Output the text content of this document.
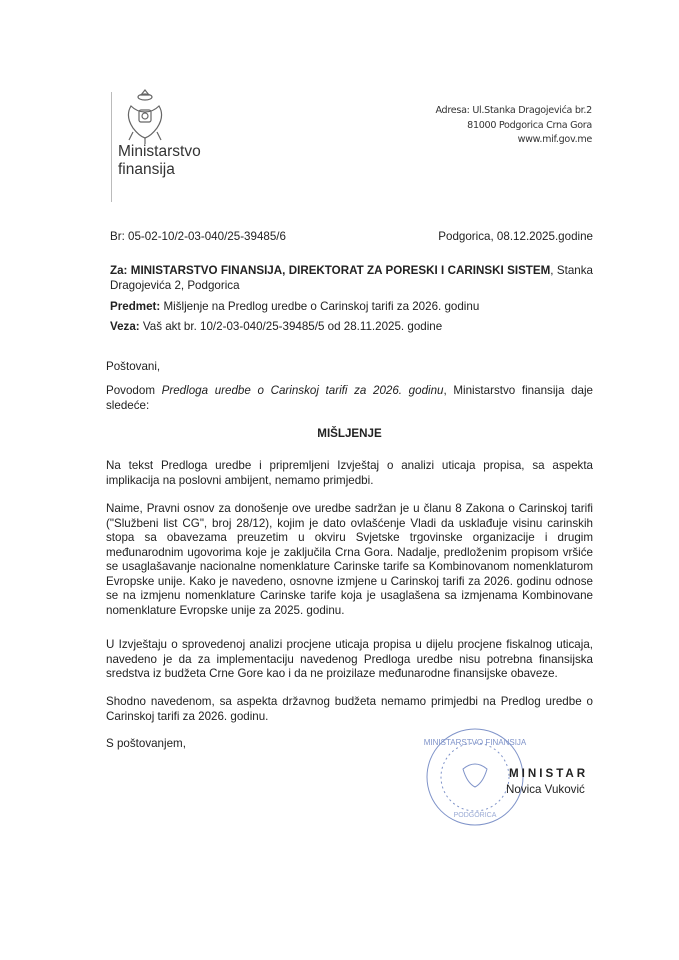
Ministarstvo
finansija
Adresa: Ul.Stanka Dragojevića br.2
81000 Podgorica Crna Gora
www.mif.gov.me
Br: 05-02-10/2-03-040/25-39485/6	Podgorica, 08.12.2025.godine
Za: MINISTARSTVO FINANSIJA, DIREKTORAT ZA PORESKI I CARINSKI SISTEM, Stanka Dragojevića 2, Podgorica
Predmet: Mišljenje na Predlog uredbe o Carinskoj tarifi za 2026. godinu
Veza: Vaš akt br. 10/2-03-040/25-39485/5 od 28.11.2025. godine
Poštovani,
Povodom Predloga uredbe o Carinskoj tarifi za 2026. godinu, Ministarstvo finansija daje sledeće:
MIŠLJENJE
Na tekst Predloga uredbe i pripremljeni Izvještaj o analizi uticaja propisa, sa aspekta implikacija na poslovni ambijent, nemamo primjedbi.
Naime, Pravni osnov za donošenje ove uredbe sadržan je u članu 8 Zakona o Carinskoj tarifi ("Službeni list CG", broj 28/12), kojim je dato ovlašćenje Vladi da usklađuje visinu carinskih stopa sa obavezama preuzetim u okviru Svjetske trgovinske organizacije i drugim međunarodnim ugovorima koje je zaključila Crna Gora. Nadalje, predloženim propisom vršiće se usaglašavanje nacionalne nomenklature Carinske tarife sa Kombinovanom nomenklaturom Evropske unije. Kako je navedeno, osnovne izmjene u Carinskoj tarifi za 2026. godinu odnose se na izmjenu nomenklature Carinske tarife koja je usaglašena sa izmjenama Kombinovane nomenklature Evropske unije za 2025. godinu.
U Izvještaju o sprovedenoj analizi procjene uticaja propisa u dijelu procjene fiskalnog uticaja, navedeno je da za implementaciju navedenog Predloga uredbe nisu potrebna finansijska sredstva iz budžeta Crne Gore kao i da ne proizilaze međunarodne finansijske obaveze.
Shodno navedenom, sa aspekta državnog budžeta nemamo primjedbi na Predlog uredbe o Carinskoj tarifi za 2026. godinu.
S poštovanjem,	MINISTARSTVO FINANSIJA
PODGORICA
MINISTAR
Novica Vuković
